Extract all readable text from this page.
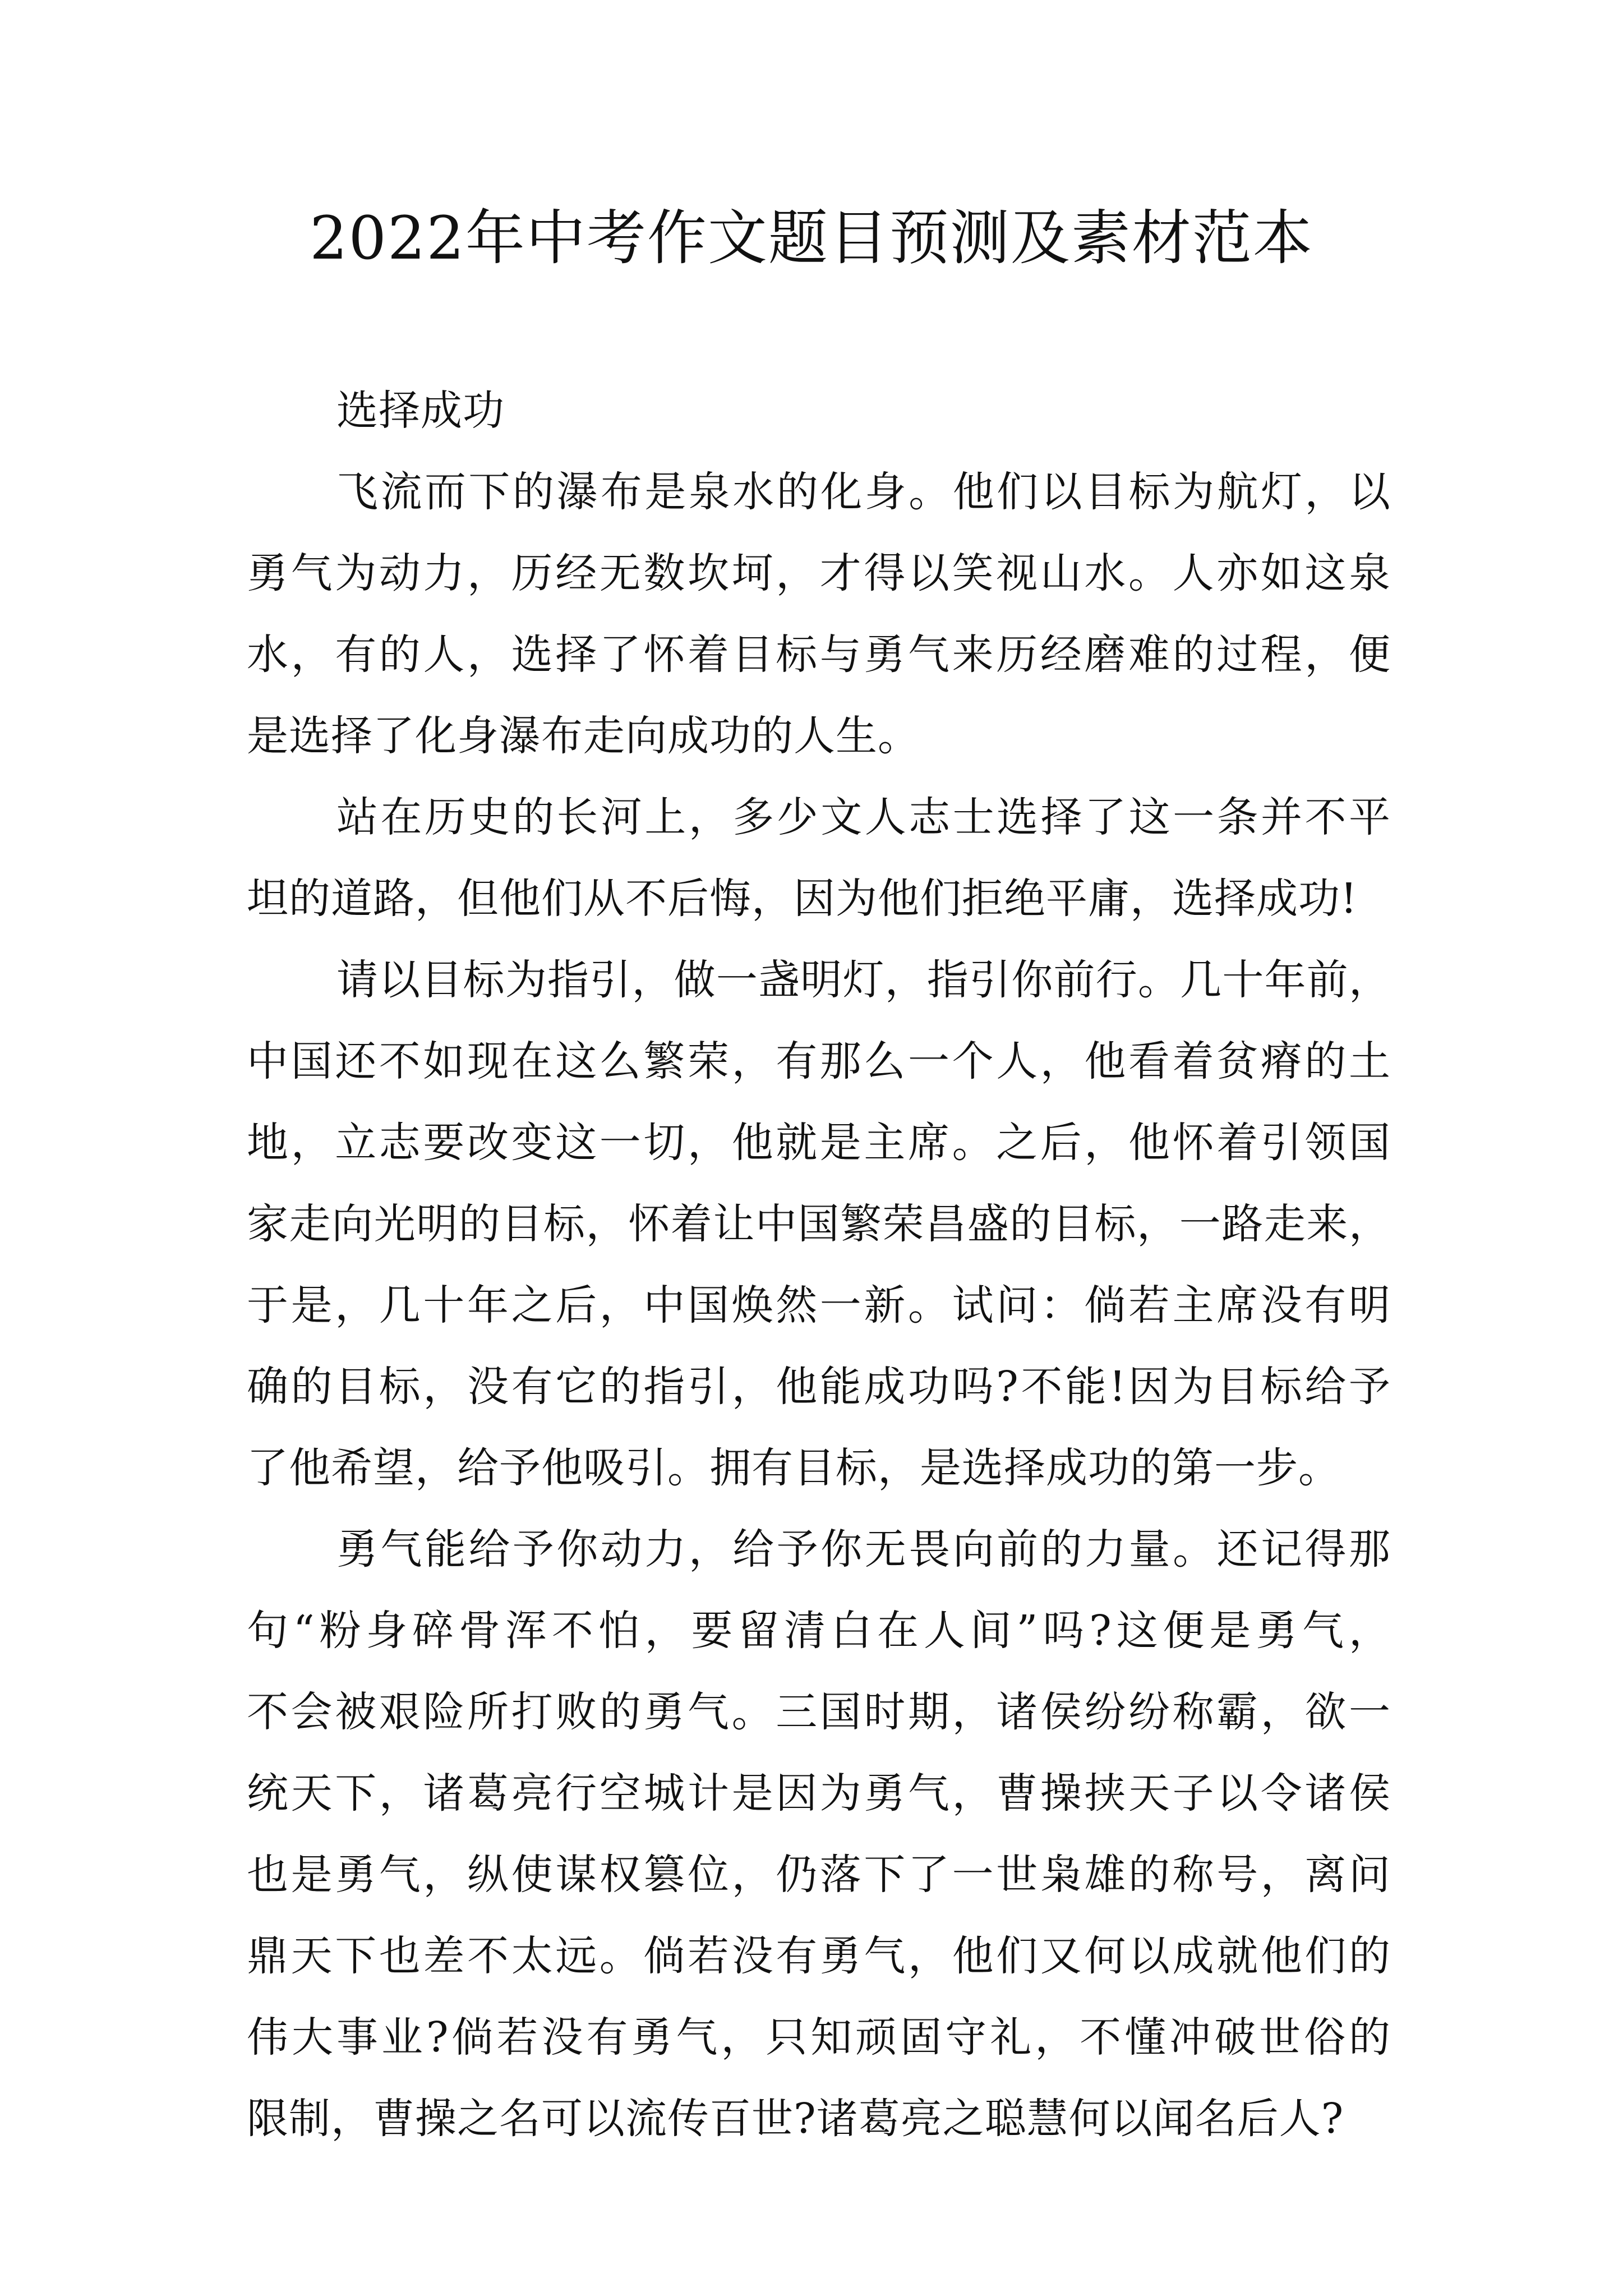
2022年中考作文题目预测及素材范本
选择成功
飞流而下的瀑布是泉水的化身。他们以目标为航灯，以
勇气为动力，历经无数坎坷，才得以笑视山水。人亦如这泉
水，有的人，选择了怀着目标与勇气来历经磨难的过程，便
是选择了化身瀑布走向成功的人生。
站在历史的长河上，多少文人志士选择了这一条并不平
坦的道路，但他们从不后悔，因为他们拒绝平庸，选择成功!
请以目标为指引，做一盏明灯，指引你前行。几十年前，
中国还不如现在这么繁荣，有那么一个人，他看着贫瘠的土
地，立志要改变这一切，他就是主席。之后，他怀着引领国
家走向光明的目标，怀着让中国繁荣昌盛的目标，一路走来，
于是，几十年之后，中国焕然一新。试问：倘若主席没有明
确的目标，没有它的指引，他能成功吗?不能!因为目标给予
了他希望，给予他吸引。拥有目标，是选择成功的第一步。
勇气能给予你动力，给予你无畏向前的力量。还记得那
句“粉身碎骨浑不怕，要留清白在人间”吗?这便是勇气，
不会被艰险所打败的勇气。三国时期，诸侯纷纷称霸，欲一
统天下，诸葛亮行空城计是因为勇气，曹操挟天子以令诸侯
也是勇气，纵使谋权篡位，仍落下了一世枭雄的称号，离问
鼎天下也差不太远。倘若没有勇气，他们又何以成就他们的
伟大事业?倘若没有勇气，只知顽固守礼，不懂冲破世俗的
限制，曹操之名可以流传百世?诸葛亮之聪慧何以闻名后人?
